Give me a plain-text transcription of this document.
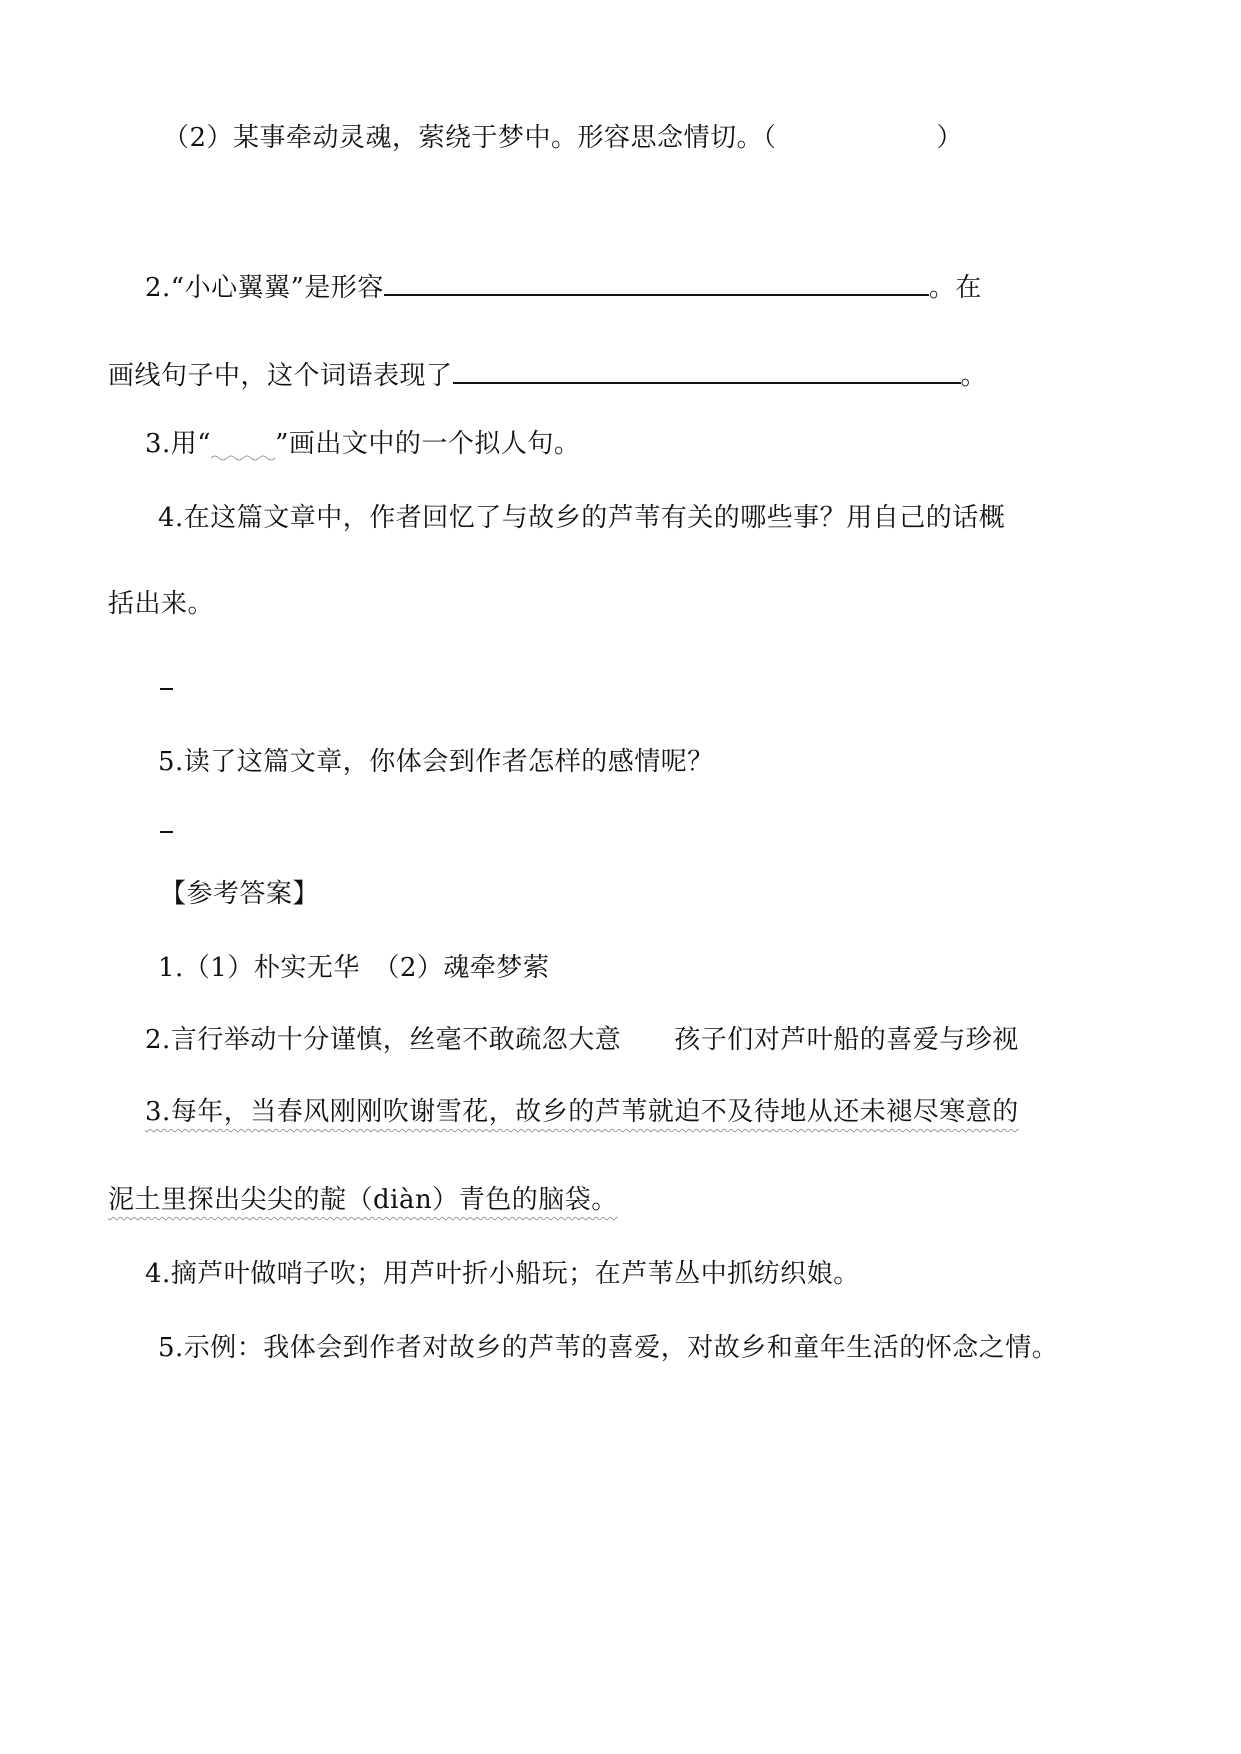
（2）某事牵动灵魂，萦绕于梦中。形容思念情切。（	）
2.“小心翼翼”是形容	。在
画线句子中，这个词语表现了	。
3.用“ ”画出文中的一个拟人句。
4.在这篇文章中，作者回忆了与故乡的芦苇有关的哪些事？用自己的话概
括出来。
5.读了这篇文章，你体会到作者怎样的感情呢？
【参考答案】
1.（1）朴实无华　（2）魂牵梦萦
2.言行举动十分谨慎，丝毫不敢疏忽大意　　孩子们对芦叶船的喜爱与珍视
3.每年，当春风刚刚吹谢雪花，故乡的芦苇就迫不及待地从还未褪尽寒意的
泥土里探出尖尖的靛（diàn）青色的脑袋。
4.摘芦叶做哨子吹；用芦叶折小船玩；在芦苇丛中抓纺织娘。
5.示例：我体会到作者对故乡的芦苇的喜爱，对故乡和童年生活的怀念之情。
